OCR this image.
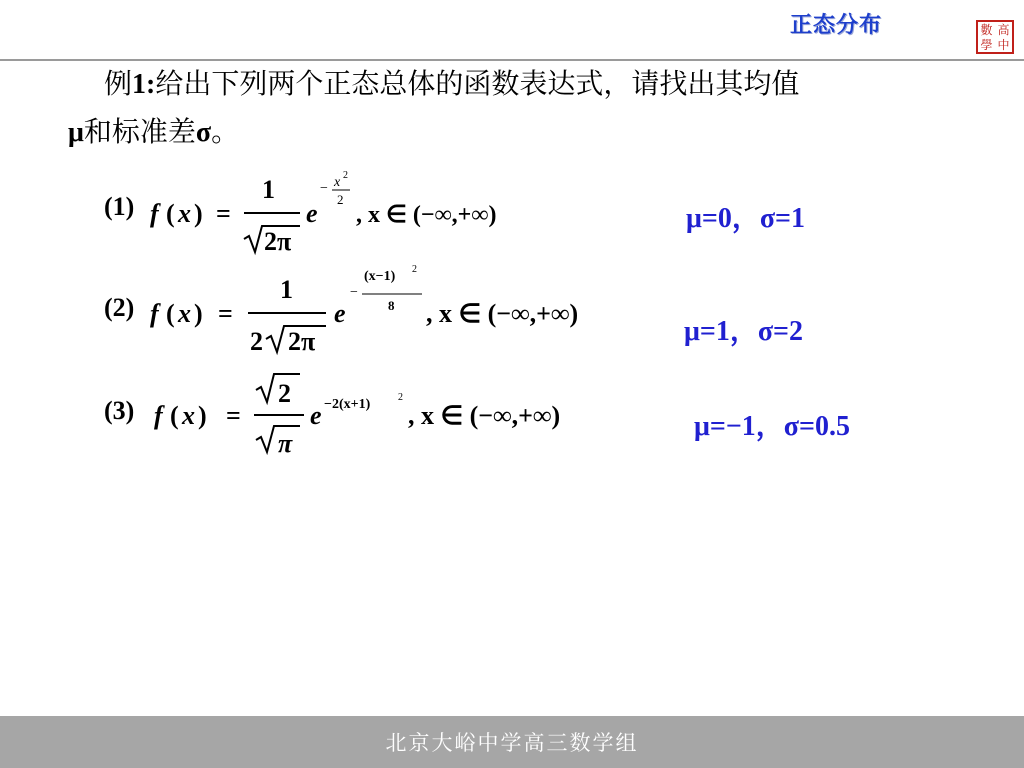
正态分布	數 高
學 中
例1:给出下列两个正态总体的函数表达式，请找出其均值
μ和标准差σ。
(1) f ( x ) =
1
2π
e
− x 2
2
, x ∈ (−∞,+∞)	μ=0，σ=1
(2) f ( x ) =
1
2 2π
e
−
(x−1) 2
8 , x ∈ (−∞,+∞)
μ=1，σ=2
(3) f ( x ) =
2
π
e −2(x+1)	2
, x ∈ (−∞,+∞)	μ=−1，σ=0.5
北京大峪中学高三数学组
